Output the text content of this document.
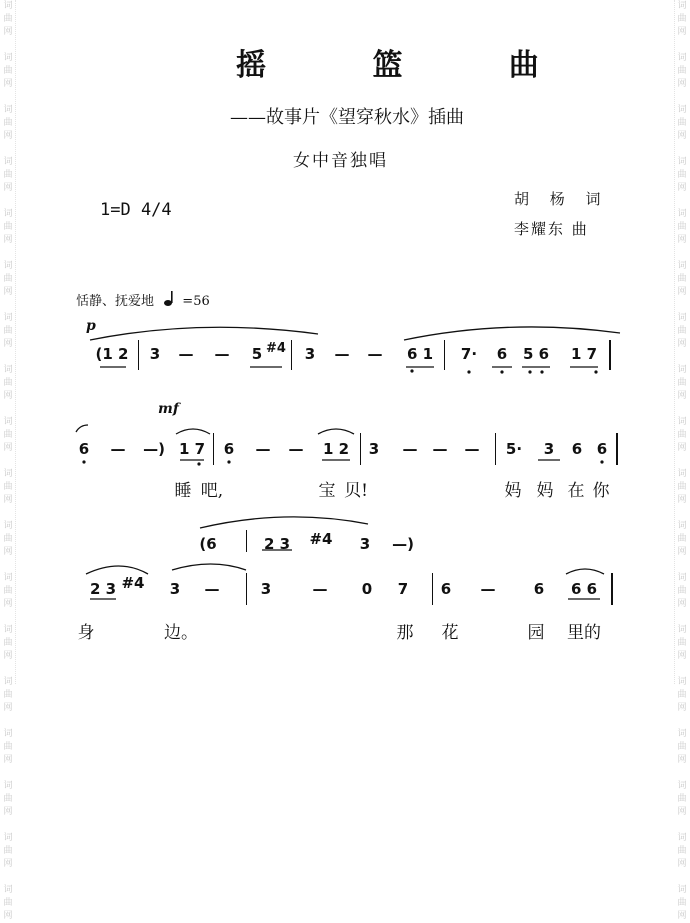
词
曲
网

词
曲
网

词
曲
网

词
曲
网

词
曲
网

词
曲
网

词
曲
网

词
曲
网

词
曲
网

词
曲
网

词
曲
网

词
曲
网

词
曲
网

词
曲
网

词
曲
网

词
曲
网

词
曲
网

词
曲
网

词
曲
网

词
曲
网

词
曲
网

词
曲
网

词
曲
网

词
曲
网

词
曲
网

词
曲
网

词
曲
网

词
曲
网

词
曲
网

词
曲
网

词
曲
网

词
曲
网

词
曲
网

词
曲
网

词
曲
网

词
曲
网

摇 篮 曲
——故事片《望穿秋水》插曲
女中音独唱
1=D 4/4
胡 杨 词
李耀东 曲
恬静、抚爱地 =56
p
mf
(1 2 3 — — 5 #4 3 — — 6 1 7· 6 5 6 1 7
6 — —) 1 7 6 — — 1 2 3 — — — 5· 3 6 6
睡 吧,	宝 贝!	妈 妈 在 你
(6	2 3 #4 3 —)
2 3 #4 3 —	3	— 0 7 6 —	6 6 6
身	边。	那 花	园 里的
